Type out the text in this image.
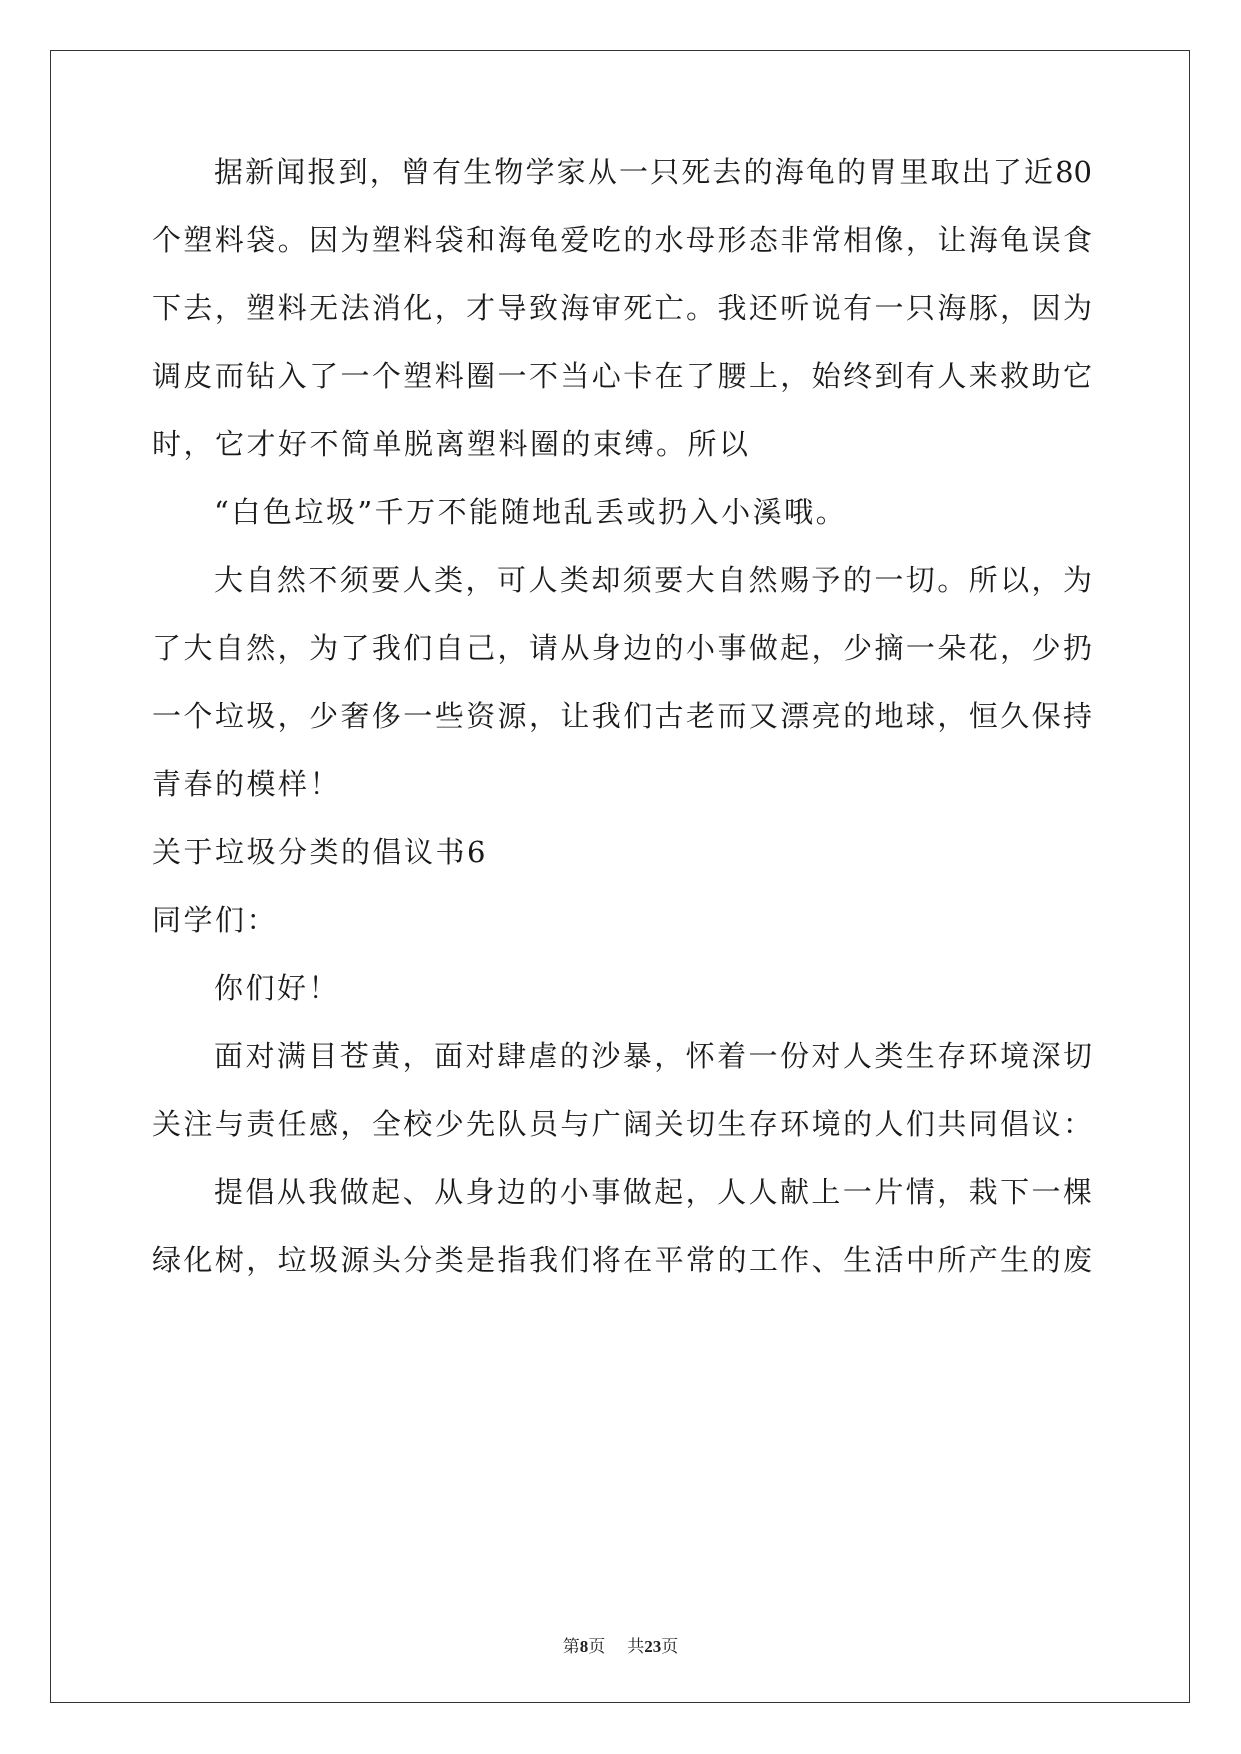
据新闻报到，曾有生物学家从一只死去的海龟的胃里取出了近80
个塑料袋。因为塑料袋和海龟爱吃的水母形态非常相像，让海龟误食
下去，塑料无法消化，才导致海审死亡。我还听说有一只海豚，因为
调皮而钻入了一个塑料圈一不当心卡在了腰上，始终到有人来救助它
时，它才好不简单脱离塑料圈的束缚。所以
“白色垃圾”千万不能随地乱丢或扔入小溪哦。
大自然不须要人类，可人类却须要大自然赐予的一切。所以，为
了大自然，为了我们自己，请从身边的小事做起，少摘一朵花，少扔
一个垃圾，少奢侈一些资源，让我们古老而又漂亮的地球，恒久保持
青春的模样！
关于垃圾分类的倡议书6
同学们：
你们好！
面对满目苍黄，面对肆虐的沙暴，怀着一份对人类生存环境深切
关注与责任感，全校少先队员与广阔关切生存环境的人们共同倡议：
提倡从我做起、从身边的小事做起，人人献上一片情，栽下一棵
绿化树，垃圾源头分类是指我们将在平常的工作、生活中所产生的废
第8页 共23页
